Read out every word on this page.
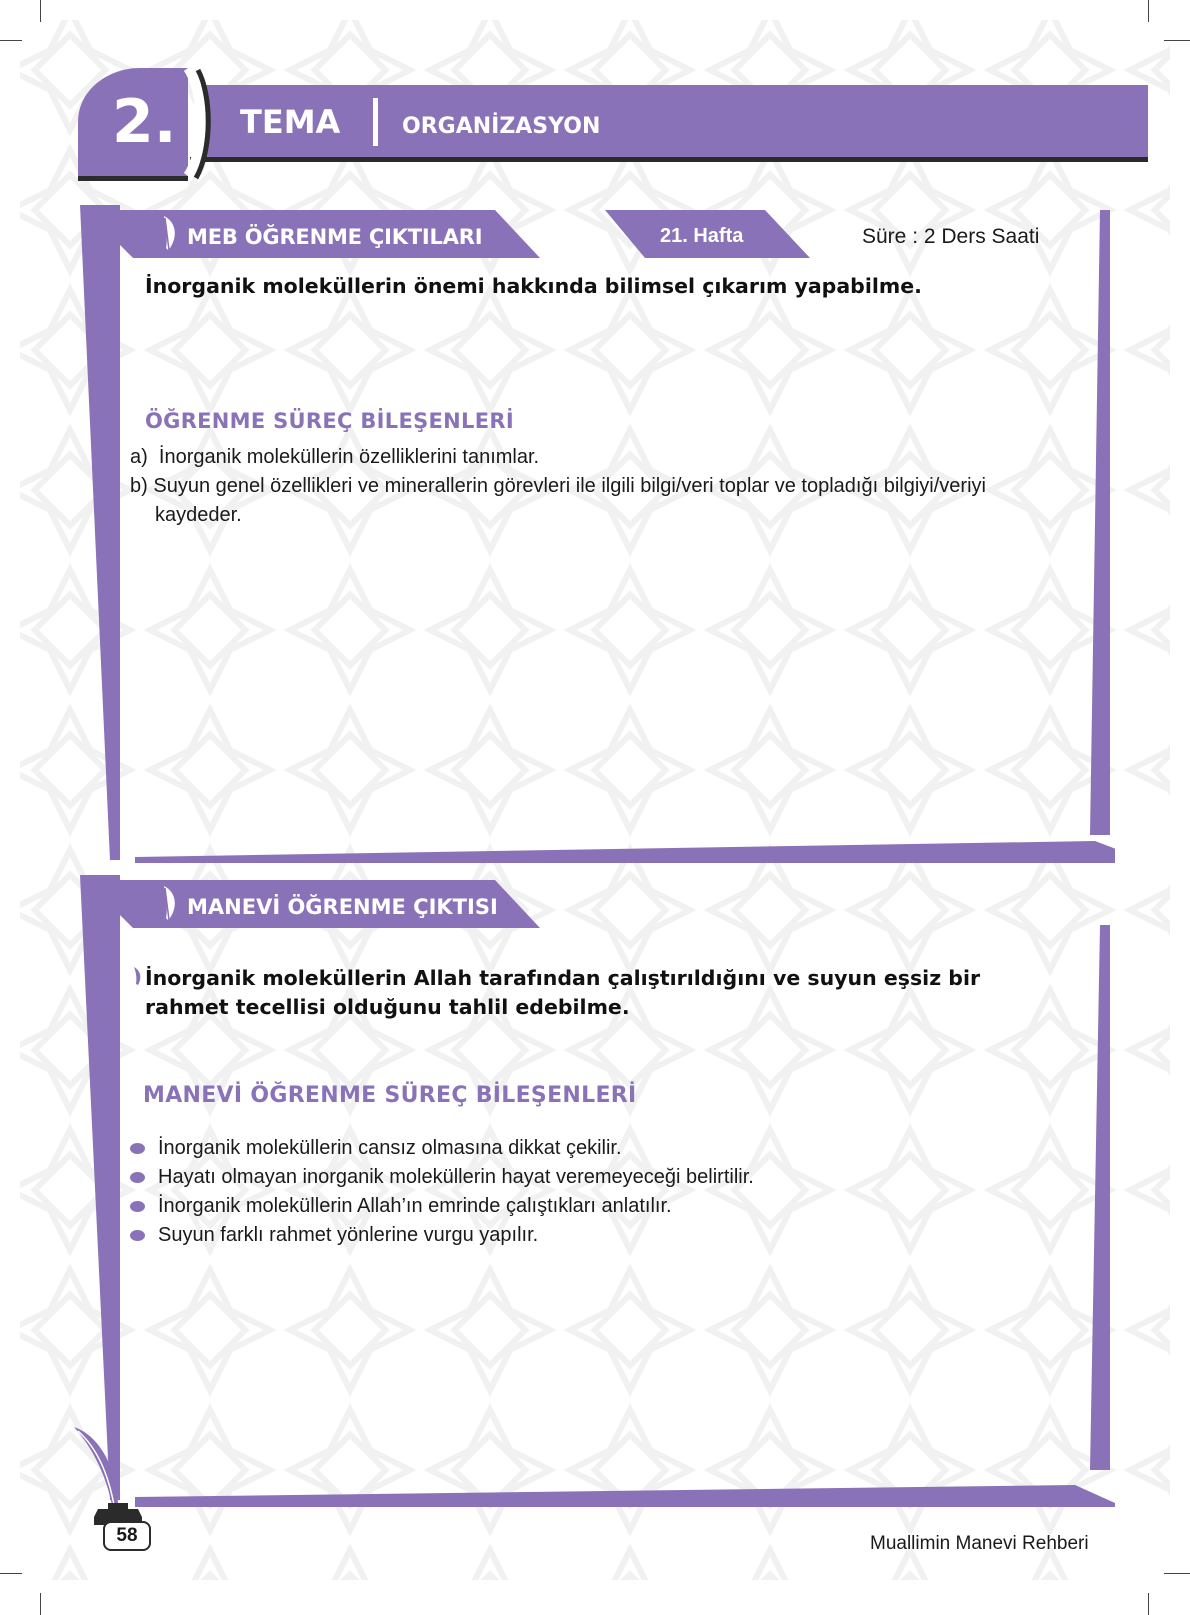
2. TEMA	ORGANİZASYON
MEB ÖĞRENME ÇIKTILARI	21. Hafta	Süre : 2 Ders Saati
İnorganik moleküllerin önemi hakkında bilimsel çıkarım yapabilme.
ÖĞRENME SÜREÇ BİLEŞENLERİ
a) İnorganik moleküllerin özelliklerini tanımlar.
b) Suyun genel özellikleri ve minerallerin görevleri ile ilgili bilgi/veri toplar ve topladığı bilgiyi/veriyi
kaydeder.
MANEVİ ÖĞRENME ÇIKTISI
İnorganik moleküllerin Allah tarafından çalıştırıldığını ve suyun eşsiz bir
rahmet tecellisi olduğunu tahlil edebilme.
MANEVİ ÖĞRENME SÜREÇ BİLEŞENLERİ
İnorganik moleküllerin cansız olmasına dikkat çekilir.
Hayatı olmayan inorganik moleküllerin hayat veremeyeceği belirtilir.
İnorganik moleküllerin Allah’ın emrinde çalıştıkları anlatılır.
Suyun farklı rahmet yönlerine vurgu yapılır.
58	Muallimin Manevi Rehberi
